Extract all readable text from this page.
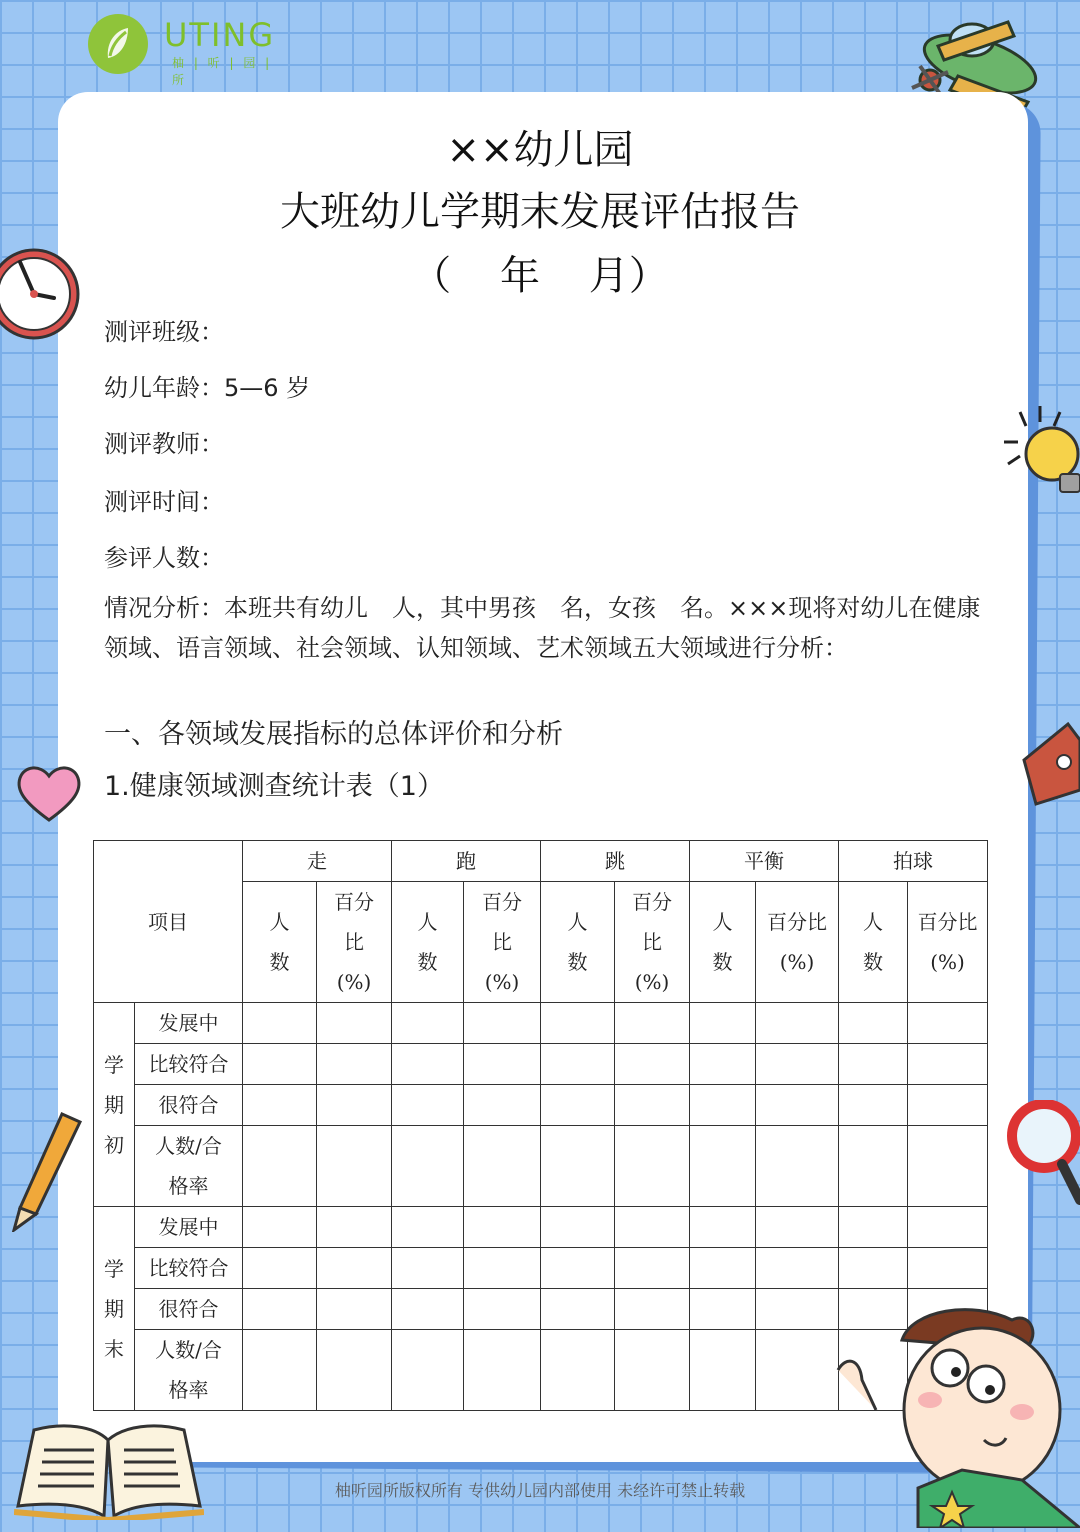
UTING
柚 | 听 | 园 | 所
××幼儿园
大班幼儿学期末发展评估报告
（ 年 月）
测评班级：
幼儿年龄：5—6 岁
测评教师：
测评时间：
参评人数：
情况分析：本班共有幼儿　人，其中男孩　名，女孩　名。×××现将对幼儿在健康领域、语言领域、社会领域、认知领域、艺术领域五大领域进行分析：
一、各领域发展指标的总体评价和分析
1.健康领域测查统计表（1）
项目		走		跑		跳		平衡		拍球	
		人数	百分比(%)	人数	百分比(%)	人数	百分比(%)	人数	百分比(%)	人数	百分比(%)
学期初	发展中										
	比较符合										
	很符合										
	人数/合格率										

学期末	发展中										
	比较符合										
	很符合										
	人数/合格率										
柚听园所版权所有 专供幼儿园内部使用 未经许可禁止转载
